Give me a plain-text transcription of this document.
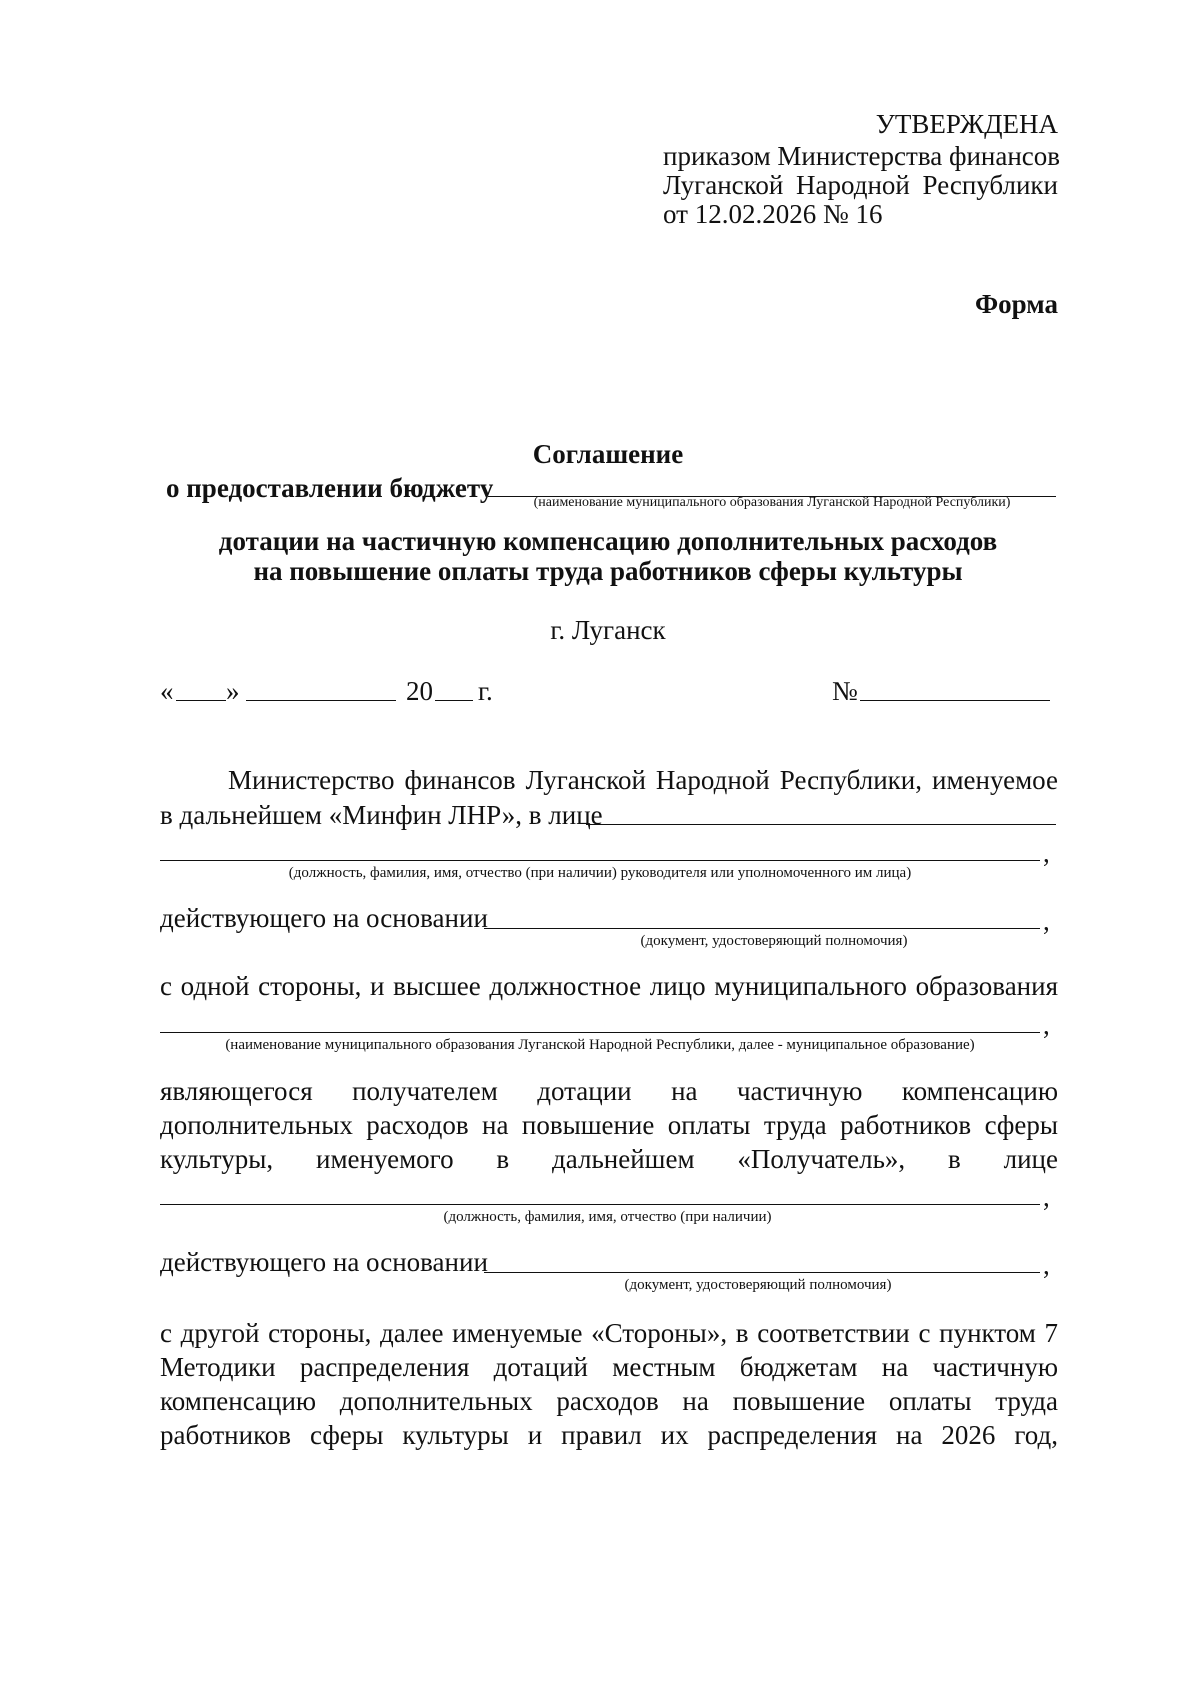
УТВЕРЖДЕНА
приказом Министерства финансов
Луганской Народной Республики
от 12.02.2026 № 16
Форма
Соглашение
о предоставлении бюджету	(наименование муниципального образования Луганской Народной Республики)
дотации на частичную компенсацию дополнительных расходов
на повышение оплаты труда работников сферы культуры
г. Луганск
« »	20 г.	№
Министерство финансов Луганской Народной Республики, именуемое
в дальнейшем «Минфин ЛНР», в лице
,
(должность, фамилия, имя, отчество (при наличии) руководителя или уполномоченного им лица)
действующего на основании	,
(документ, удостоверяющий полномочия)
с одной стороны, и высшее должностное лицо муниципального образования
,
(наименование муниципального образования Луганской Народной Республики, далее - муниципальное образование)
являющегося получателем дотации на частичную компенсацию
дополнительных расходов на повышение оплаты труда работников сферы
культуры, именуемого в дальнейшем «Получатель», в лице
,
(должность, фамилия, имя, отчество (при наличии)
действующего на основании	,
(документ, удостоверяющий полномочия)
с другой стороны, далее именуемые «Стороны», в соответствии с пунктом 7
Методики распределения дотаций местным бюджетам на частичную
компенсацию дополнительных расходов на повышение оплаты труда
работников сферы культуры и правил их распределения на 2026 год,
